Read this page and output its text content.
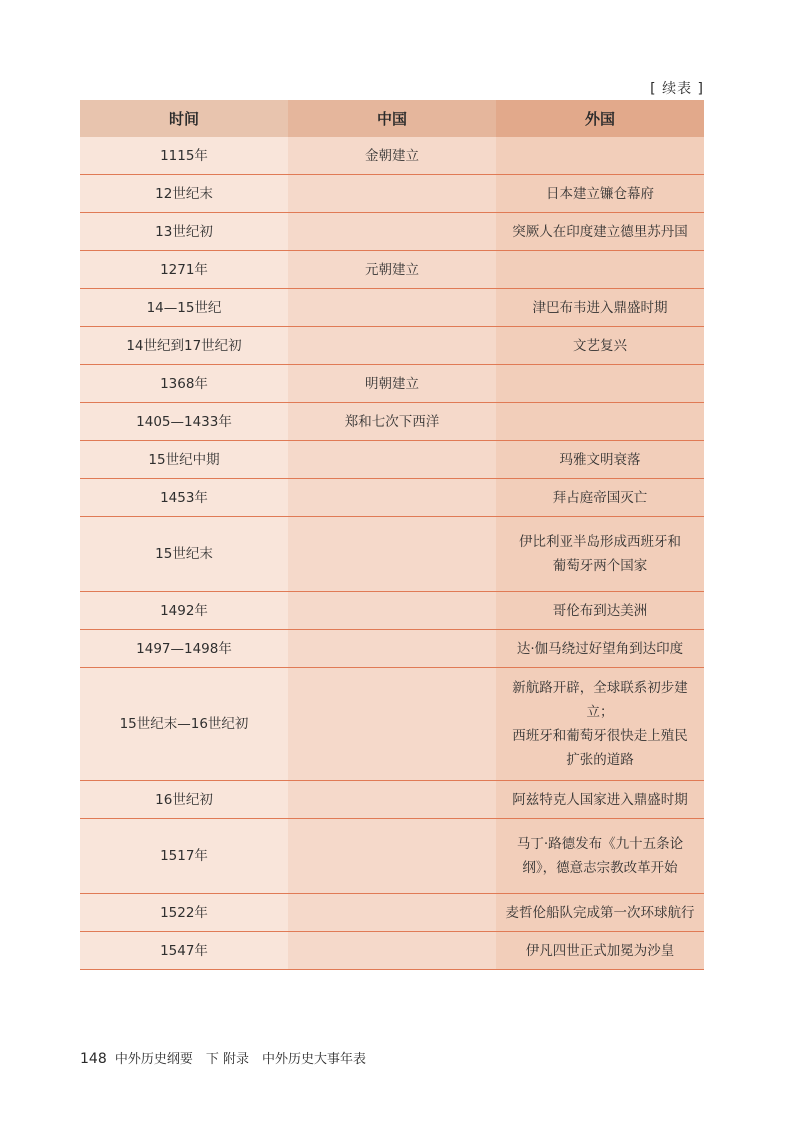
[ 续表 ]
时间	中国	外国
1115年	金朝建立	
12世纪末		日本建立镰仓幕府
13世纪初		突厥人在印度建立德里苏丹国
1271年	元朝建立	
14—15世纪		津巴布韦进入鼎盛时期
14世纪到17世纪初		文艺复兴
1368年	明朝建立	
1405—1433年	郑和七次下西洋	
15世纪中期		玛雅文明衰落
1453年		拜占庭帝国灭亡
15世纪末		伊比利亚半岛形成西班牙和
葡萄牙两个国家
1492年		哥伦布到达美洲
1497—1498年		达·伽马绕过好望角到达印度
15世纪末—16世纪初		新航路开辟，全球联系初步建立；
西班牙和葡萄牙很快走上殖民
扩张的道路
16世纪初		阿兹特克人国家进入鼎盛时期
1517年		马丁·路德发布《九十五条论
纲》，德意志宗教改革开始
1522年		麦哲伦船队完成第一次环球航行
1547年		伊凡四世正式加冕为沙皇
148 中外历史纲要　下 附录　中外历史大事年表
